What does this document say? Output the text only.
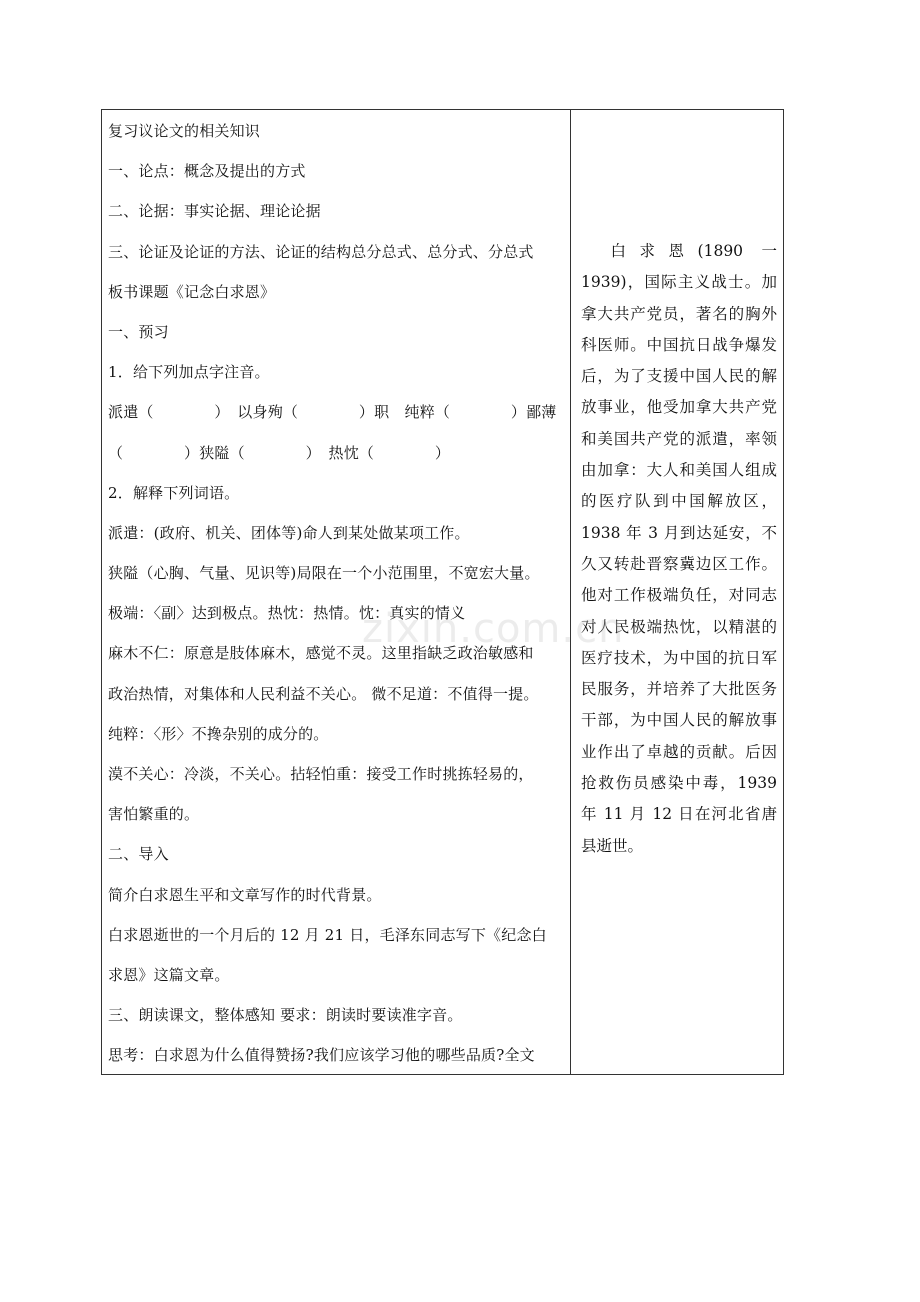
复习议论文的相关知识
一、论点：概念及提出的方式
二、论据：事实论据、理论论据
三、论证及论证的方法、论证的结构总分总式、总分式、分总式
板书课题《记念白求恩》
一、预习
1．给下列加点字注音。
派遣（　　　　）　以身殉（　　　　）职　纯粹（　　　　）鄙薄
（　　　　）狭隘（　　　　）　热忱（　　　　）
2．解释下列词语。
派遣：(政府、机关、团体等)命人到某处做某项工作。
狭隘（心胸、气量、见识等)局限在一个小范围里，不宽宏大量。
极端：〈副〉达到极点。热忱：热情。忱：真实的情义
麻木不仁：原意是肢体麻木，感觉不灵。这里指缺乏政治敏感和
政治热情，对集体和人民利益不关心。 微不足道：不值得一提。
纯粹：〈形〉不搀杂别的成分的。
漠不关心：冷淡，不关心。拈轻怕重：接受工作时挑拣轻易的，
害怕繁重的。
二、导入
简介白求恩生平和文章写作的时代背景。
白求恩逝世的一个月后的 12 月 21 日，毛泽东同志写下《纪念白
求恩》这篇文章。
三、朗读课文，整体感知 要求：朗读时要读准字音。
思考：白求恩为什么值得赞扬?我们应该学习他的哪些品质?全文

白求恩(1890 一 1939)，国际主义战士。加拿大共产党员，著名的胸外科医师。中国抗日战争爆发后，为了支援中国人民的解放事业，他受加拿大共产党和美国共产党的派遣，率领由加拿：大人和美国人组成的医疗队到中国解放区，1938 年 3 月到达延安，不久又转赴晋察冀边区工作。他对工作极端负任，对同志对人民极端热忱，以精湛的医疗技术，为中国的抗日军民服务，并培养了大批医务干部，为中国人民的解放事业作出了卓越的贡献。后因抢救伤员感染中毒，1939 年 11 月 12 日在河北省唐县逝世。

zixin.com.cn
